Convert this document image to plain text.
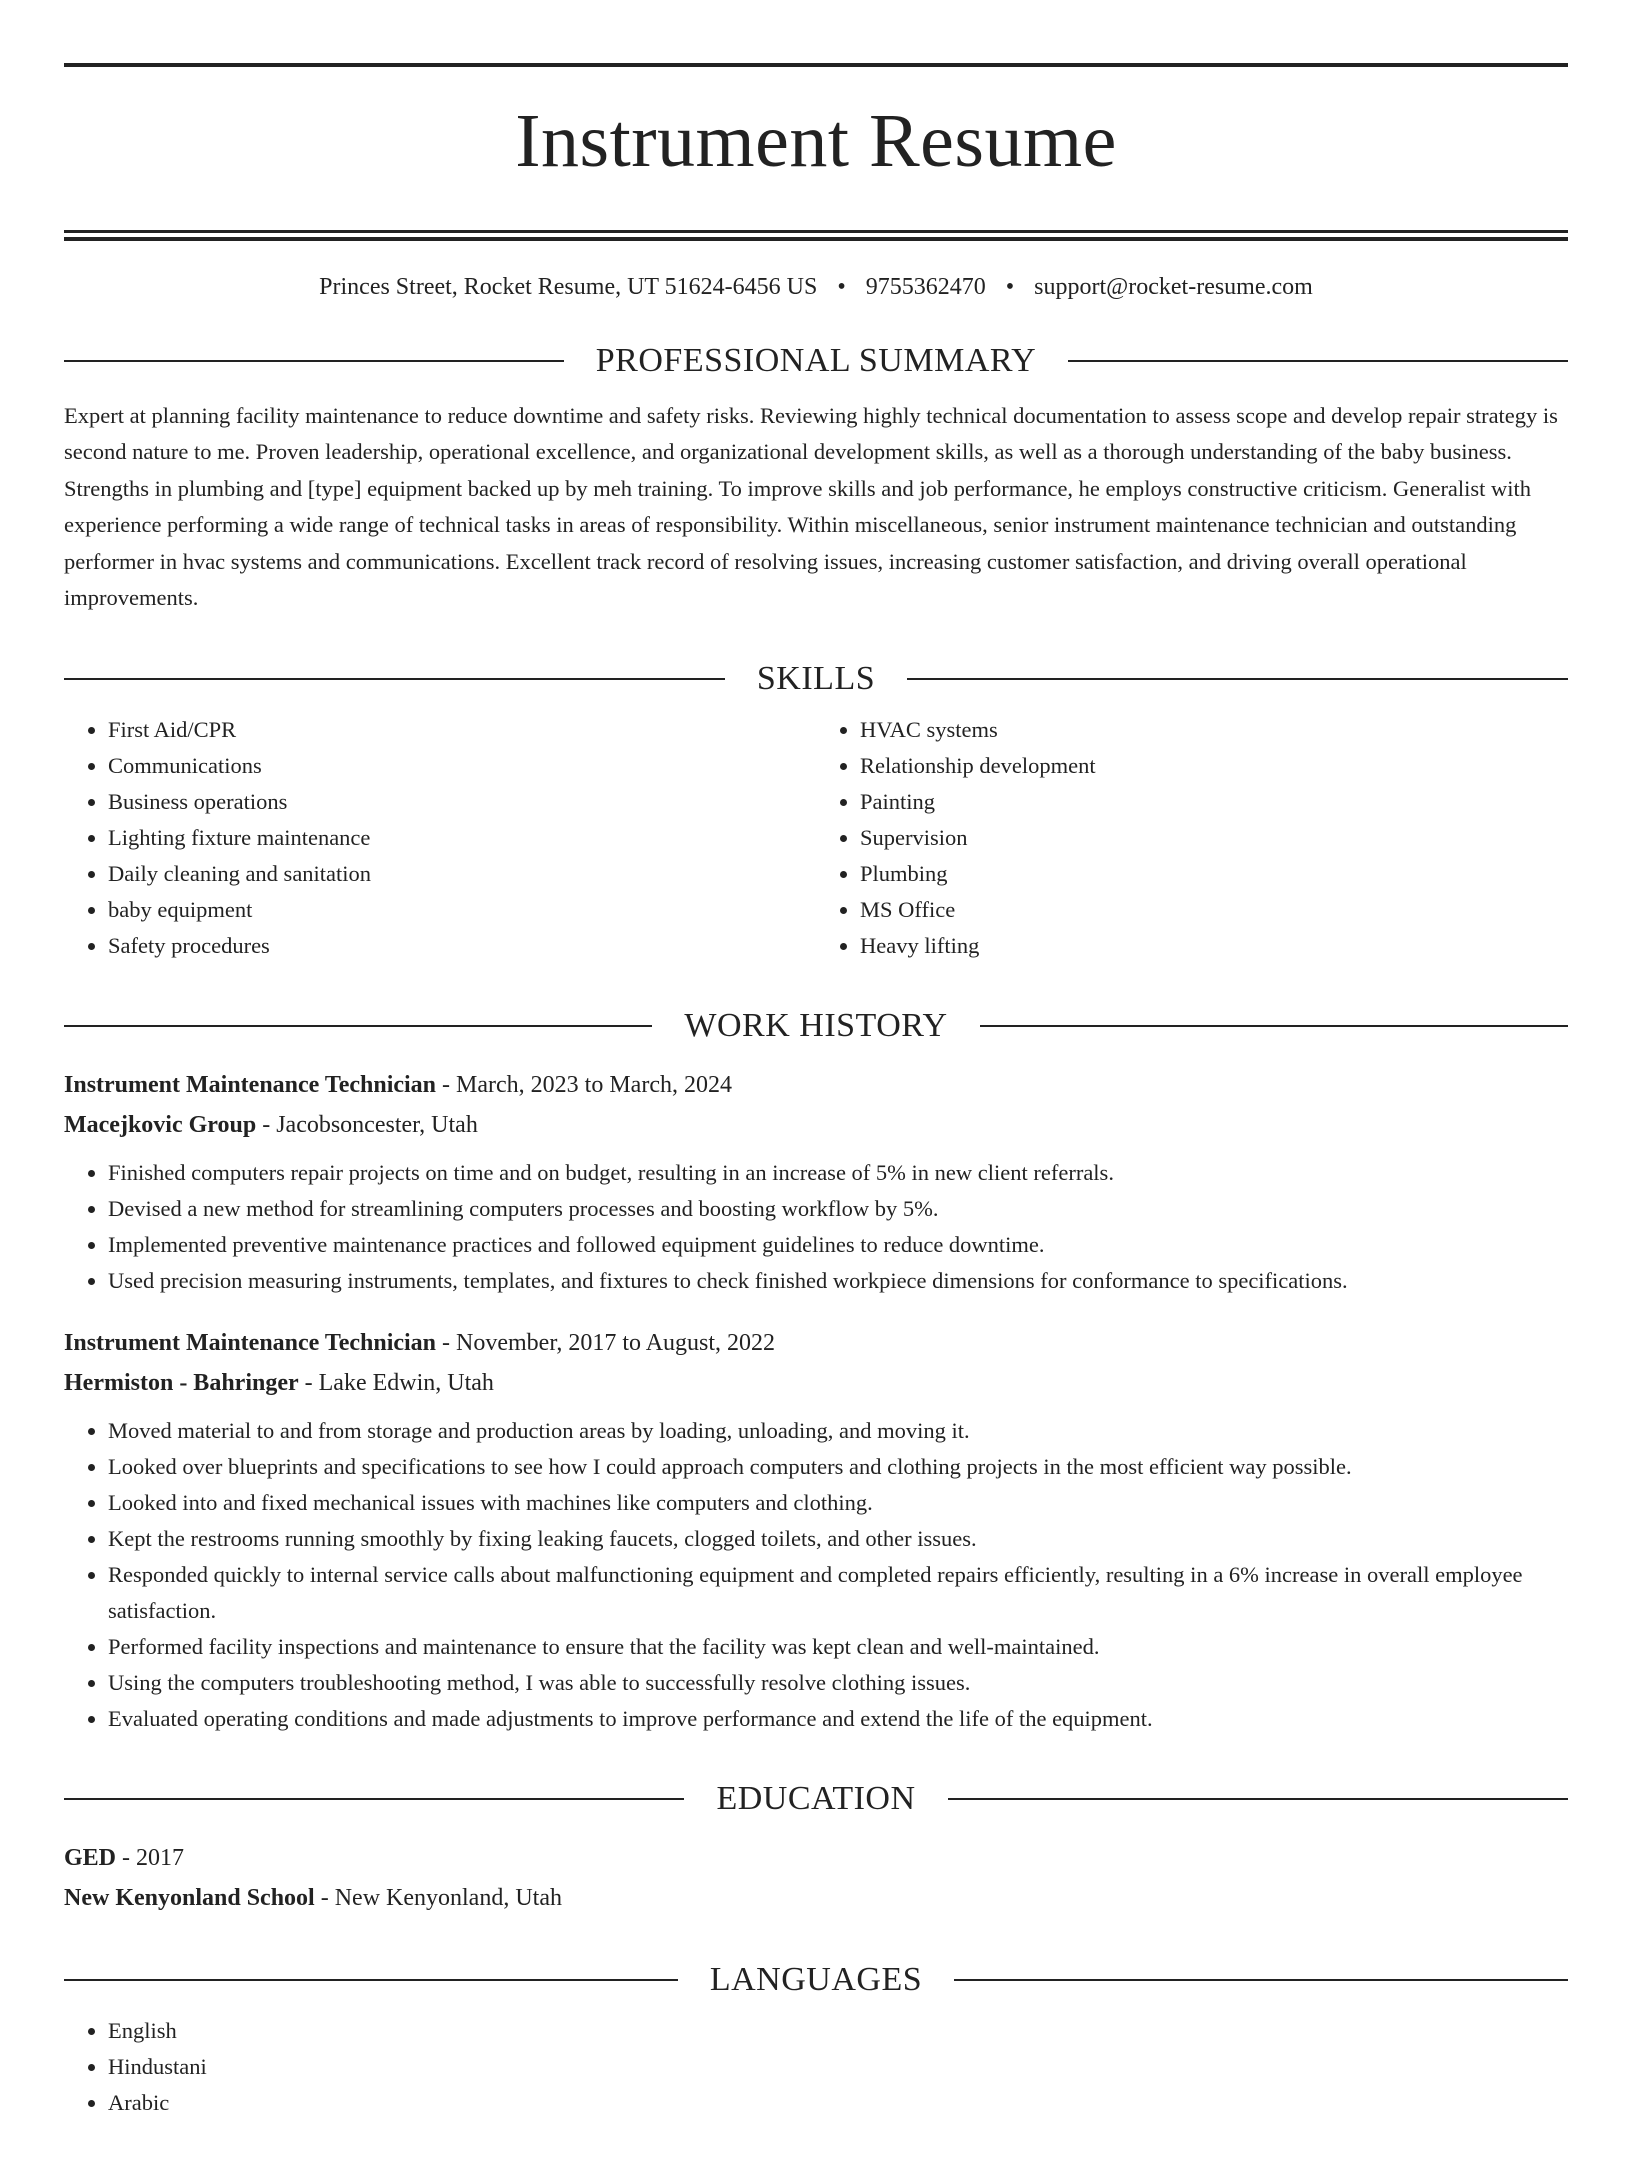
Instrument Resume
Princes Street, Rocket Resume, UT 51624-6456 US • 9755362470 • support@rocket-resume.com
PROFESSIONAL SUMMARY
Expert at planning facility maintenance to reduce downtime and safety risks. Reviewing highly technical documentation to assess scope and develop repair strategy is second nature to me. Proven leadership, operational excellence, and organizational development skills, as well as a thorough understanding of the baby business. Strengths in plumbing and [type] equipment backed up by meh training. To improve skills and job performance, he employs constructive criticism. Generalist with experience performing a wide range of technical tasks in areas of responsibility. Within miscellaneous, senior instrument maintenance technician and outstanding performer in hvac systems and communications. Excellent track record of resolving issues, increasing customer satisfaction, and driving overall operational improvements.
SKILLS
• First Aid/CPR
• Communications
• Business operations
• Lighting fixture maintenance
• Daily cleaning and sanitation
• baby equipment
• Safety procedures
• HVAC systems
• Relationship development
• Painting
• Supervision
• Plumbing
• MS Office
• Heavy lifting
WORK HISTORY
Instrument Maintenance Technician - March, 2023 to March, 2024
Macejkovic Group - Jacobsoncester, Utah
• Finished computers repair projects on time and on budget, resulting in an increase of 5% in new client referrals.
• Devised a new method for streamlining computers processes and boosting workflow by 5%.
• Implemented preventive maintenance practices and followed equipment guidelines to reduce downtime.
• Used precision measuring instruments, templates, and fixtures to check finished workpiece dimensions for conformance to specifications.
Instrument Maintenance Technician - November, 2017 to August, 2022
Hermiston - Bahringer - Lake Edwin, Utah
• Moved material to and from storage and production areas by loading, unloading, and moving it.
• Looked over blueprints and specifications to see how I could approach computers and clothing projects in the most efficient way possible.
• Looked into and fixed mechanical issues with machines like computers and clothing.
• Kept the restrooms running smoothly by fixing leaking faucets, clogged toilets, and other issues.
• Responded quickly to internal service calls about malfunctioning equipment and completed repairs efficiently, resulting in a 6% increase in overall employee satisfaction.
• Performed facility inspections and maintenance to ensure that the facility was kept clean and well-maintained.
• Using the computers troubleshooting method, I was able to successfully resolve clothing issues.
• Evaluated operating conditions and made adjustments to improve performance and extend the life of the equipment.
EDUCATION
GED - 2017
New Kenyonland School - New Kenyonland, Utah
LANGUAGES
• English
• Hindustani
• Arabic
